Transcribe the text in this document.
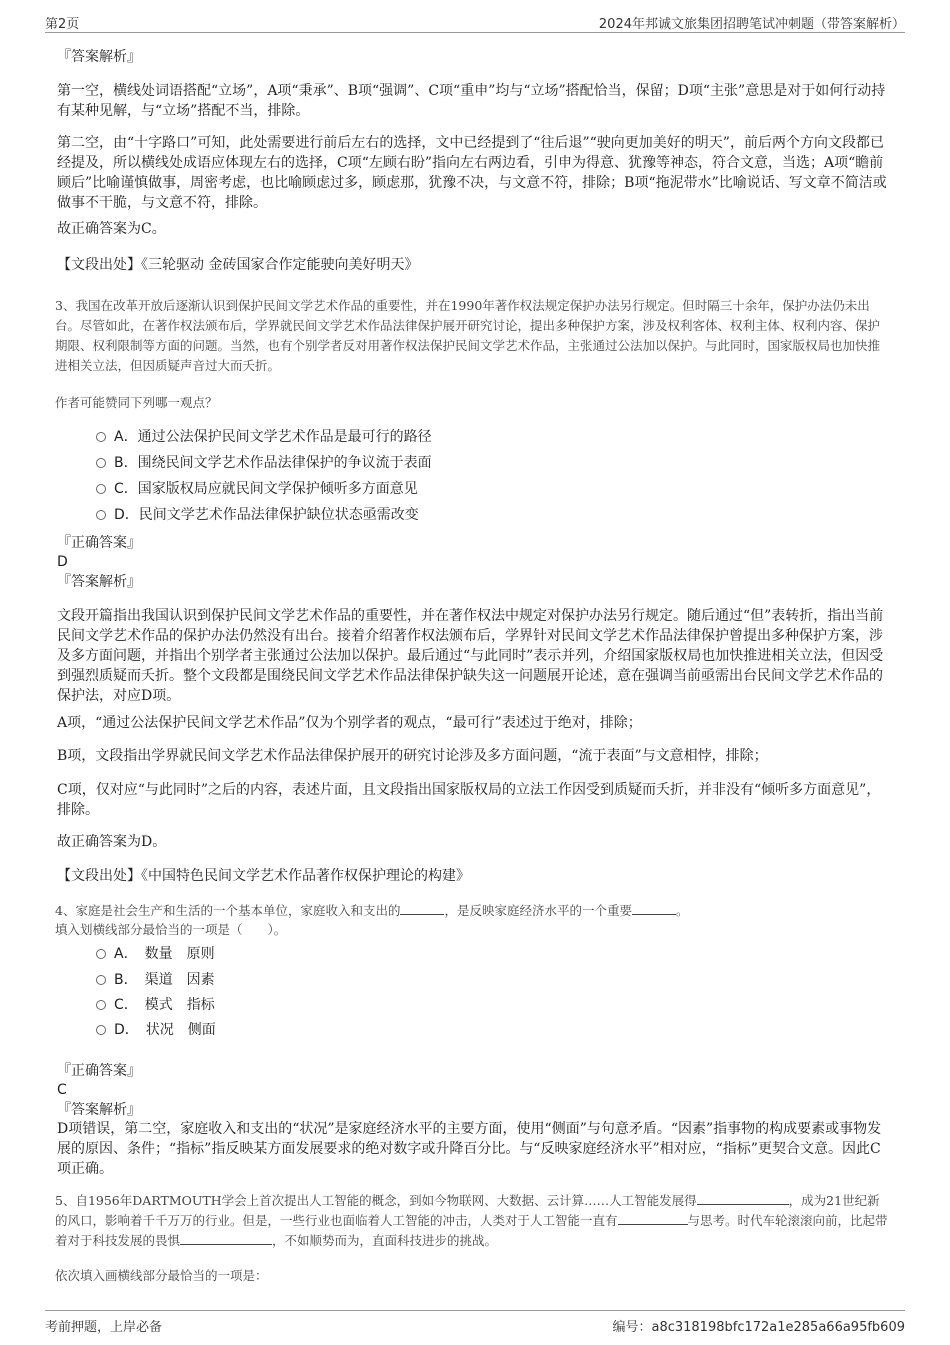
第2页	2024年邦诚文旅集团招聘笔试冲刺题（带答案解析）

『答案解析』

第一空，横线处词语搭配“立场”，A项“秉承”、B项“强调”、C项“重申”均与“立场”搭配恰当，保留；D项“主张”意思是对于如何行动持有某种见解，与“立场”搭配不当，排除。

第二空，由“十字路口”可知，此处需要进行前后左右的选择，文中已经提到了“往后退”“驶向更加美好的明天”，前后两个方向文段都已经提及，所以横线处成语应体现左右的选择，C项“左顾右盼”指向左右两边看，引申为得意、犹豫等神态，符合文意，当选；A项“瞻前顾后”比喻谨慎做事，周密考虑，也比喻顾虑过多，顾虑那，犹豫不决，与文意不符，排除；B项“拖泥带水”比喻说话、写文章不简洁或做事不干脆，与文意不符，排除。

故正确答案为C。

【文段出处】《三轮驱动 金砖国家合作定能驶向美好明天》

3、我国在改革开放后逐渐认识到保护民间文学艺术作品的重要性，并在1990年著作权法规定保护办法另行规定。但时隔三十余年，保护办法仍未出台。尽管如此，在著作权法颁布后，学界就民间文学艺术作品法律保护展开研究讨论，提出多种保护方案，涉及权利客体、权利主体、权利内容、保护期限、权利限制等方面的问题。当然，也有个别学者反对用著作权法保护民间文学艺术作品，主张通过公法加以保护。与此同时，国家版权局也加快推进相关立法，但因质疑声音过大而夭折。

作者可能赞同下列哪一观点？

A．通过公法保护民间文学艺术作品是最可行的路径
B．围绕民间文学艺术作品法律保护的争议流于表面
C．国家版权局应就民间文学保护倾听多方面意见
D．民间文学艺术作品法律保护缺位状态亟需改变

『正确答案』

D

『答案解析』

文段开篇指出我国认识到保护民间文学艺术作品的重要性，并在著作权法中规定对保护办法另行规定。随后通过“但”表转折，指出当前民间文学艺术作品的保护办法仍然没有出台。接着介绍著作权法颁布后，学界针对民间文学艺术作品法律保护曾提出多种保护方案，涉及多方面问题，并指出个别学者主张通过公法加以保护。最后通过“与此同时”表示并列，介绍国家版权局也加快推进相关立法，但因受到强烈质疑而夭折。整个文段都是围绕民间文学艺术作品法律保护缺失这一问题展开论述，意在强调当前亟需出台民间文学艺术作品的保护法，对应D项。

A项，“通过公法保护民间文学艺术作品”仅为个别学者的观点，“最可行”表述过于绝对，排除；

B项，文段指出学界就民间文学艺术作品法律保护展开的研究讨论涉及多方面问题，“流于表面”与文意相悖，排除；

C项，仅对应“与此同时”之后的内容，表述片面，且文段指出国家版权局的立法工作因受到质疑而夭折，并非没有“倾听多方面意见”，排除。

故正确答案为D。

【文段出处】《中国特色民间文学艺术作品著作权保护理论的构建》

4、家庭是社会生产和生活的一个基本单位，家庭收入和支出的	，是反映家庭经济水平的一个重要	。

填入划横线部分最恰当的一项是（　　）。

A．　数量　原则
B．　渠道　因素
C．　模式　指标
D．　状况　侧面

『正确答案』

C

『答案解析』

D项错误，第二空，家庭收入和支出的“状况”是家庭经济水平的主要方面，使用“侧面”与句意矛盾。“因素”指事物的构成要素或事物发展的原因、条件；“指标”指反映某方面发展要求的绝对数字或升降百分比。与“反映家庭经济水平”相对应，“指标”更契合文意。因此C项正确。

5、自1956年DARTMOUTH学会上首次提出人工智能的概念，到如今物联网、大数据、云计算……人工智能发展得	，成为21世纪新的风口，影响着千千万万的行业。但是，一些行业也面临着人工智能的冲击，人类对于人工智能一直有	与思考。时代车轮滚滚向前，比起带着对于科技发展的畏惧	，不如顺势而为，直面科技进步的挑战。

依次填入画横线部分最恰当的一项是：

考前押题，上岸必备	编号：a8c318198bfc172a1e285a66a95fb609
